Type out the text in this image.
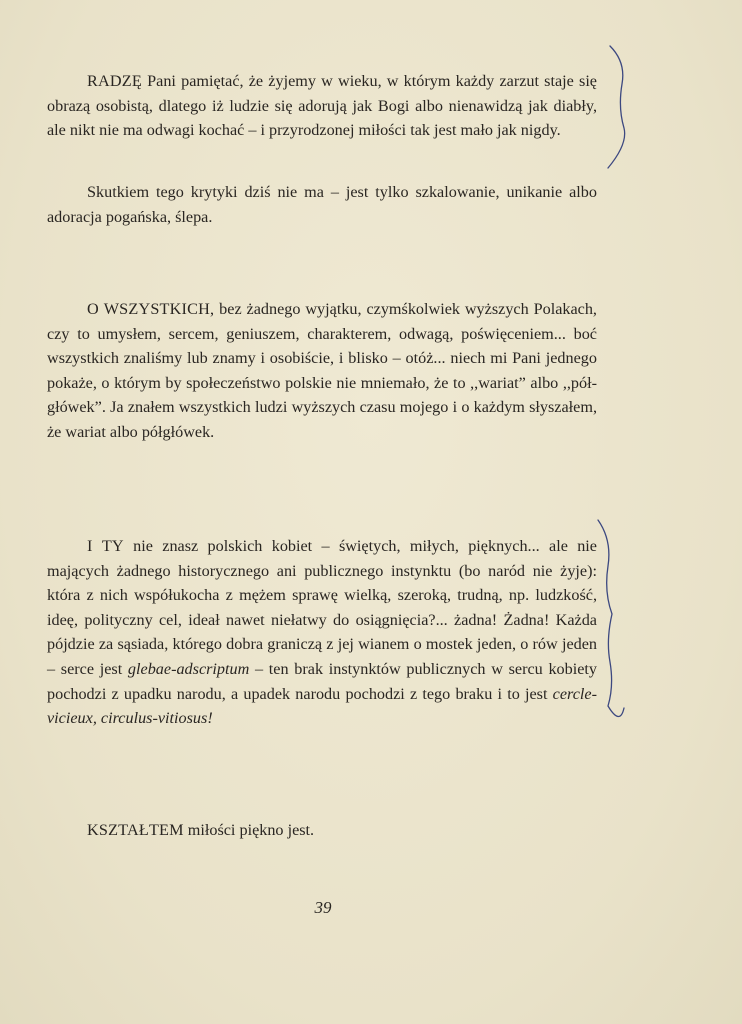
RADZĘ Pani pamiętać, że żyjemy w wieku, w którym każdy zarzut staje się obrazą osobistą, dlatego iż ludzie się adorują jak Bogi albo nienawidzą jak diabły, ale nikt nie ma odwagi kochać – i przyrodzonej miłości tak jest mało jak nigdy.

Skutkiem tego krytyki dziś nie ma – jest tylko szkalowanie, unikanie albo adoracja pogańska, ślepa.

O WSZYSTKICH, bez żadnego wyjątku, czymśkolwiek wyższych Polakach, czy to umysłem, sercem, geniuszem, charakterem, odwagą, poświęceniem... boć wszystkich znaliśmy lub znamy i osobiście, i blisko – otóż... niech mi Pani jednego pokaże, o którym by społeczeństwo polskie nie mniemało, że to ,,wariat” albo ,,pół-główek”. Ja znałem wszystkich ludzi wyższych czasu mojego i o każdym słyszałem, że wariat albo półgłówek.

I TY nie znasz polskich kobiet – świętych, miłych, pięknych... ale nie mających żadnego historycznego ani publicznego instynktu (bo naród nie żyje): która z nich współukocha z mężem sprawę wielką, szeroką, trudną, np. ludzkość, ideę, polityczny cel, ideał nawet niełatwy do osiągnięcia?... żadna! Żadna! Każda pójdzie za sąsiada, którego dobra graniczą z jej wianem o mostek jeden, o rów jeden – serce jest glebae-adscriptum – ten brak instynktów publicznych w sercu kobiety pochodzi z upadku narodu, a upadek narodu pochodzi z tego braku i to jest cercle-vicieux, circulus-vitiosus!

KSZTAŁTEM miłości piękno jest.

39
